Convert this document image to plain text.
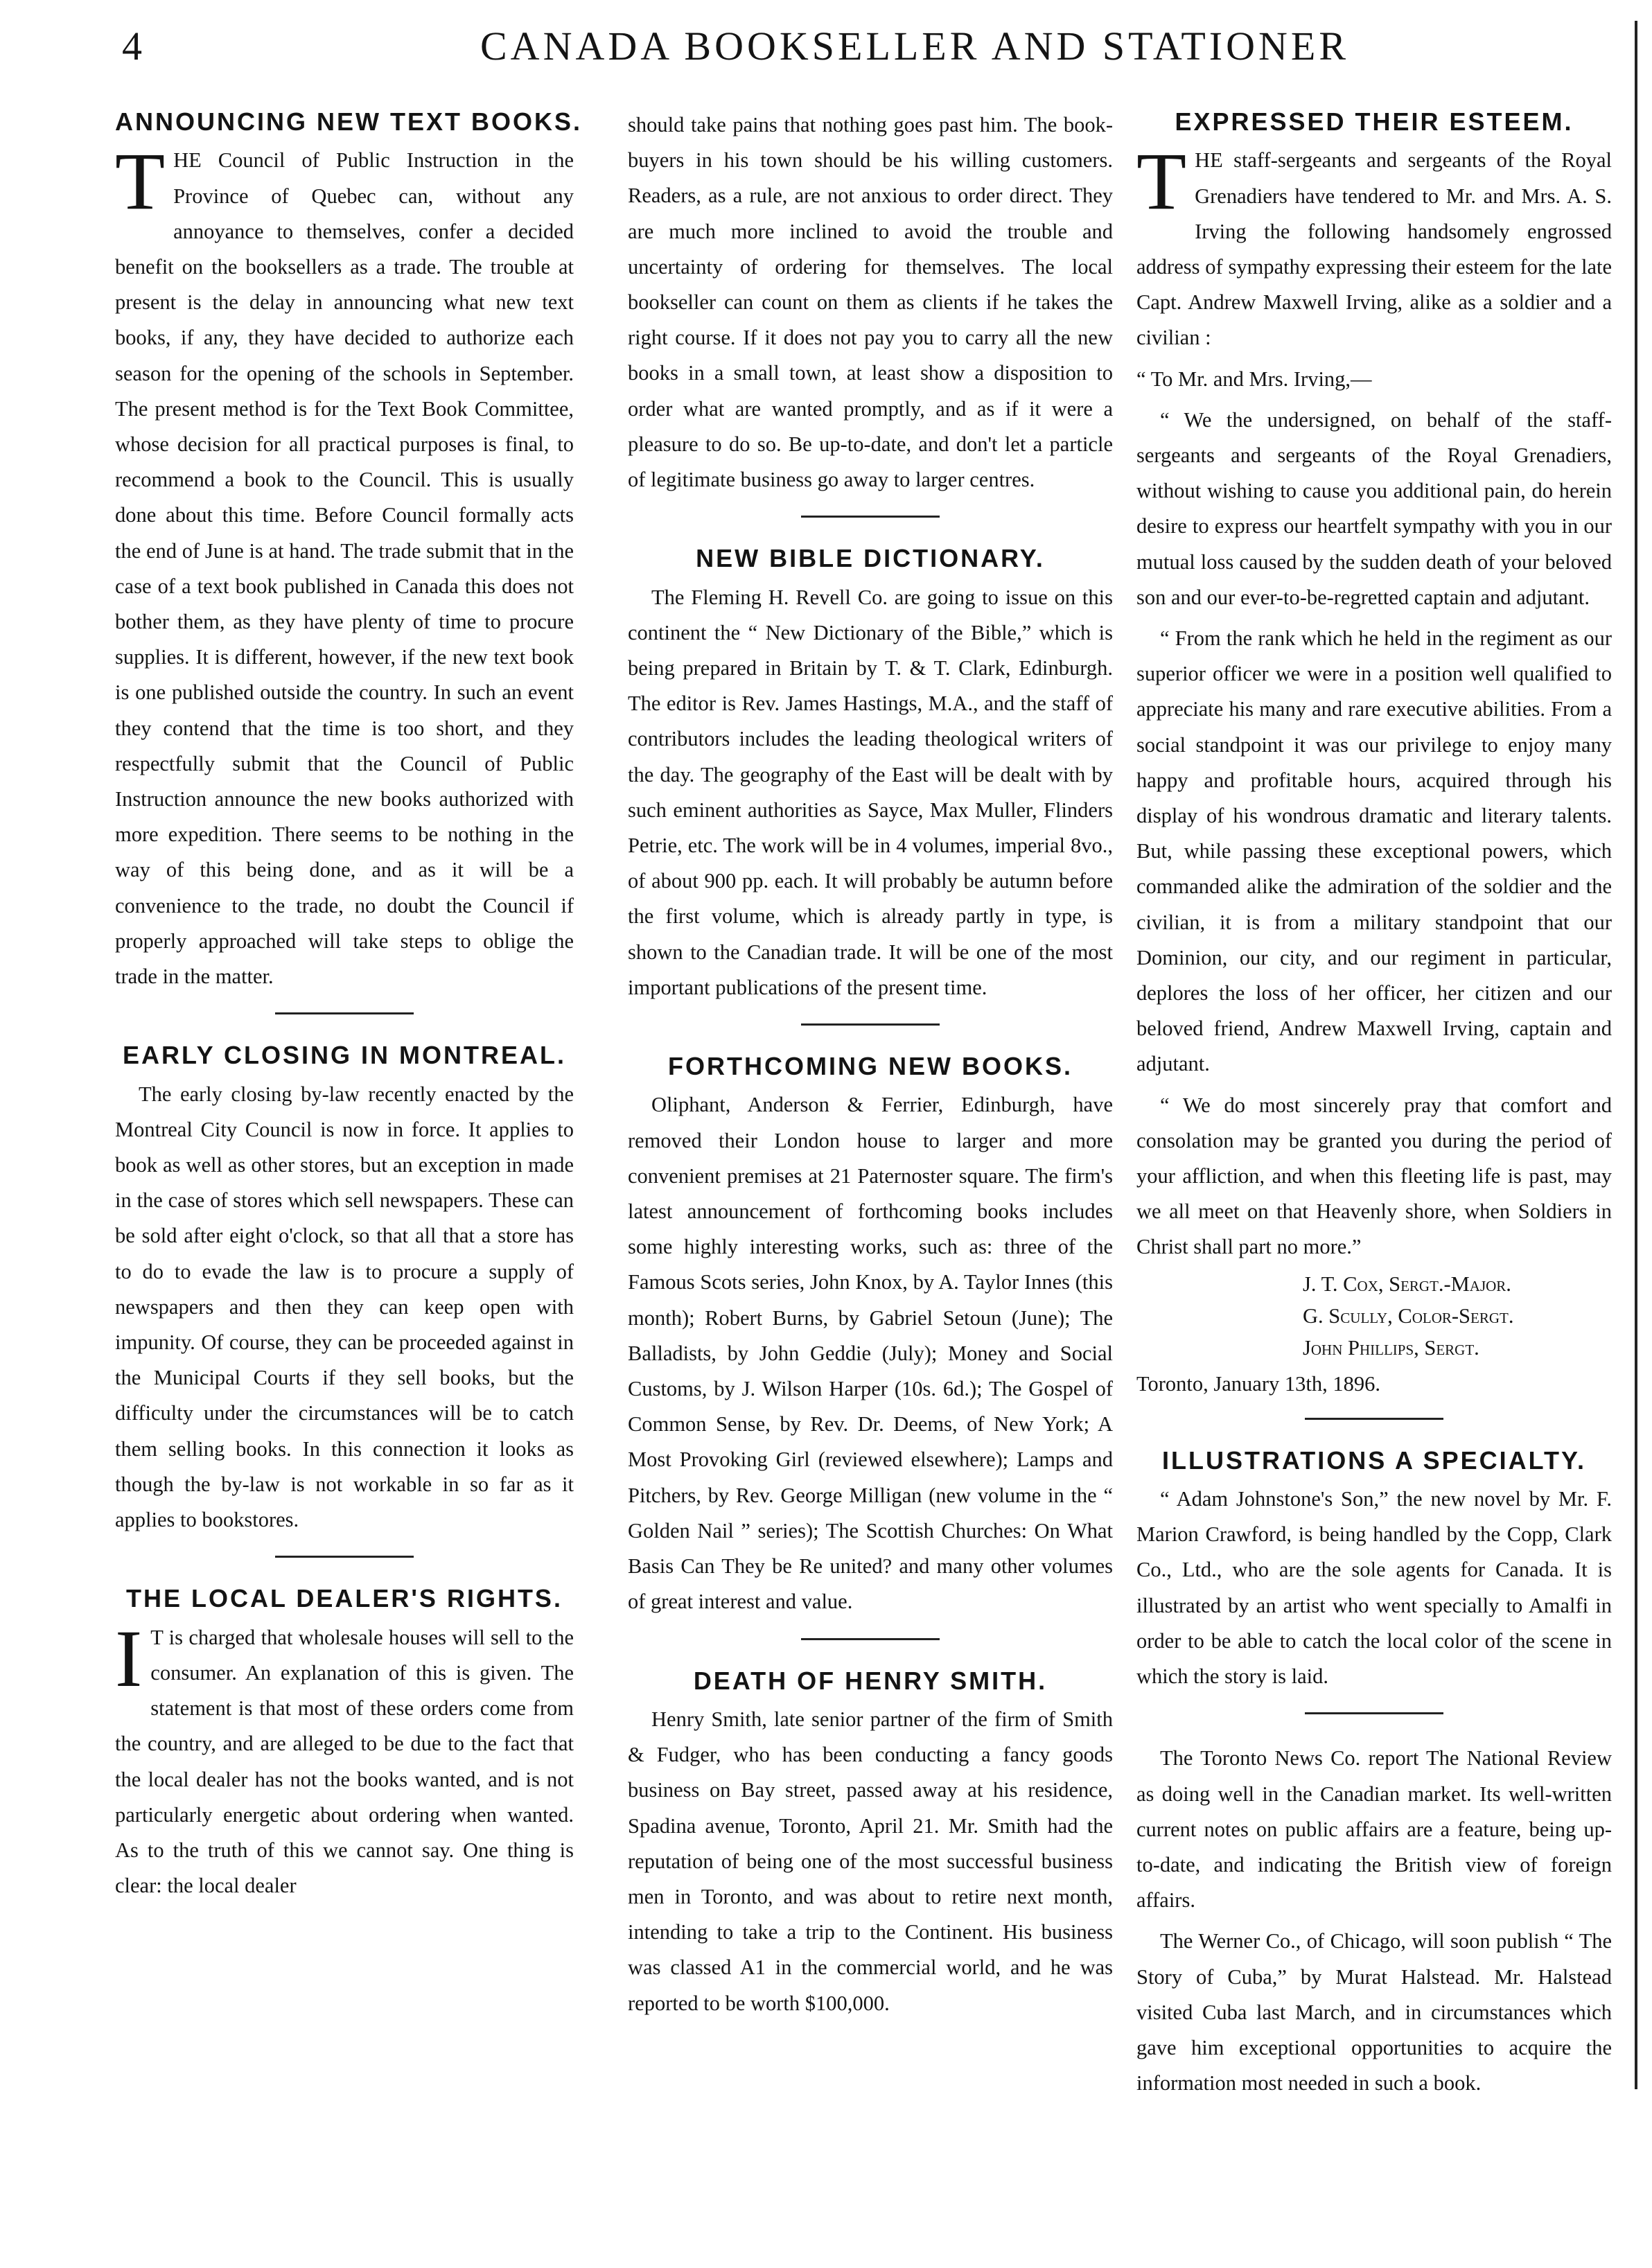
4	CANADA BOOKSELLER AND STATIONER
ANNOUNCING NEW TEXT BOOKS.

THE Council of Public Instruction in the Province of Quebec can, without any annoyance to themselves, confer a decided benefit on the booksellers as a trade. The trouble at present is the delay in announcing what new text books, if any, they have decided to authorize each season for the opening of the schools in September. The present method is for the Text Book Committee, whose decision for all practical purposes is final, to recommend a book to the Council. This is usually done about this time. Before Council formally acts the end of June is at hand. The trade submit that in the case of a text book published in Canada this does not bother them, as they have plenty of time to procure supplies. It is different, however, if the new text book is one published outside the country. In such an event they contend that the time is too short, and they respectfully submit that the Council of Public Instruction announce the new books authorized with more expedition. There seems to be nothing in the way of this being done, and as it will be a convenience to the trade, no doubt the Council if properly approached will take steps to oblige the trade in the matter.

EARLY CLOSING IN MONTREAL.

The early closing by-law recently enacted by the Montreal City Council is now in force. It applies to book as well as other stores, but an exception in made in the case of stores which sell newspapers. These can be sold after eight o'clock, so that all that a store has to do to evade the law is to procure a supply of newspapers and then they can keep open with impunity. Of course, they can be proceeded against in the Municipal Courts if they sell books, but the difficulty under the circumstances will be to catch them selling books. In this connection it looks as though the by-law is not workable in so far as it applies to bookstores.

THE LOCAL DEALER'S RIGHTS.

I T is charged that wholesale houses will sell to the consumer. An explanation of this is given. The statement is that most of these orders come from the country, and are alleged to be due to the fact that the local dealer has not the books wanted, and is not particularly energetic about ordering when wanted. As to the truth of this we cannot say. One thing is clear: the local dealer

should take pains that nothing goes past him. The book-buyers in his town should be his willing customers. Readers, as a rule, are not anxious to order direct. They are much more inclined to avoid the trouble and uncertainty of ordering for themselves. The local bookseller can count on them as clients if he takes the right course. If it does not pay you to carry all the new books in a small town, at least show a disposition to order what are wanted promptly, and as if it were a pleasure to do so. Be up-to-date, and don't let a particle of legitimate business go away to larger centres.

NEW BIBLE DICTIONARY.

The Fleming H. Revell Co. are going to issue on this continent the “ New Dictionary of the Bible,” which is being prepared in Britain by T. & T. Clark, Edinburgh. The editor is Rev. James Hastings, M.A., and the staff of contributors includes the leading theological writers of the day. The geography of the East will be dealt with by such eminent authorities as Sayce, Max Muller, Flinders Petrie, etc. The work will be in 4 volumes, imperial 8vo., of about 900 pp. each. It will probably be autumn before the first volume, which is already partly in type, is shown to the Canadian trade. It will be one of the most important publications of the present time.

FORTHCOMING NEW BOOKS.

Oliphant, Anderson & Ferrier, Edinburgh, have removed their London house to larger and more convenient premises at 21 Paternoster square. The firm's latest announcement of forthcoming books includes some highly interesting works, such as: three of the Famous Scots series, John Knox, by A. Taylor Innes (this month); Robert Burns, by Gabriel Setoun (June); The Balladists, by John Geddie (July); Money and Social Customs, by J. Wilson Harper (10s. 6d.); The Gospel of Common Sense, by Rev. Dr. Deems, of New York; A Most Provoking Girl (reviewed elsewhere); Lamps and Pitchers, by Rev. George Milligan (new volume in the “ Golden Nail ” series); The Scottish Churches: On What Basis Can They be Re united? and many other volumes of great interest and value.

DEATH OF HENRY SMITH.

Henry Smith, late senior partner of the firm of Smith & Fudger, who has been conducting a fancy goods business on Bay street, passed away at his residence, Spadina avenue, Toronto, April 21. Mr. Smith had the reputation of being one of the most successful business men in Toronto, and was about to retire next month, intending to take a trip to the Continent. His business was classed A1 in the commercial world, and he was reported to be worth $100,000.

EXPRESSED THEIR ESTEEM.

THE staff-sergeants and sergeants of the Royal Grenadiers have tendered to Mr. and Mrs. A. S. Irving the following handsomely engrossed address of sympathy expressing their esteem for the late Capt. Andrew Maxwell Irving, alike as a soldier and a civilian :

“ To Mr. and Mrs. Irving,—

“ We the undersigned, on behalf of the staff-sergeants and sergeants of the Royal Grenadiers, without wishing to cause you additional pain, do herein desire to express our heartfelt sympathy with you in our mutual loss caused by the sudden death of your beloved son and our ever-to-be-regretted captain and adjutant.

“ From the rank which he held in the regiment as our superior officer we were in a position well qualified to appreciate his many and rare executive abilities. From a social standpoint it was our privilege to enjoy many happy and profitable hours, acquired through his display of his wondrous dramatic and literary talents. But, while passing these exceptional powers, which commanded alike the admiration of the soldier and the civilian, it is from a military standpoint that our Dominion, our city, and our regiment in particular, deplores the loss of her officer, her citizen and our beloved friend, Andrew Maxwell Irving, captain and adjutant.

“ We do most sincerely pray that comfort and consolation may be granted you during the period of your affliction, and when this fleeting life is past, may we all meet on that Heavenly shore, when Soldiers in Christ shall part no more.”

J. T. Cox, Sergt.-Major.
G. Scully, Color-Sergt.
John Phillips, Sergt.
Toronto, January 13th, 1896.
ILLUSTRATIONS A SPECIALTY.

“ Adam Johnstone's Son,” the new novel by Mr. F. Marion Crawford, is being handled by the Copp, Clark Co., Ltd., who are the sole agents for Canada. It is illustrated by an artist who went specially to Amalfi in order to be able to catch the local color of the scene in which the story is laid.

The Toronto News Co. report The National Review as doing well in the Canadian market. Its well-written current notes on public affairs are a feature, being up-to-date, and indicating the British view of foreign affairs.

The Werner Co., of Chicago, will soon publish “ The Story of Cuba,” by Murat Halstead. Mr. Halstead visited Cuba last March, and in circumstances which gave him exceptional opportunities to acquire the information most needed in such a book.
